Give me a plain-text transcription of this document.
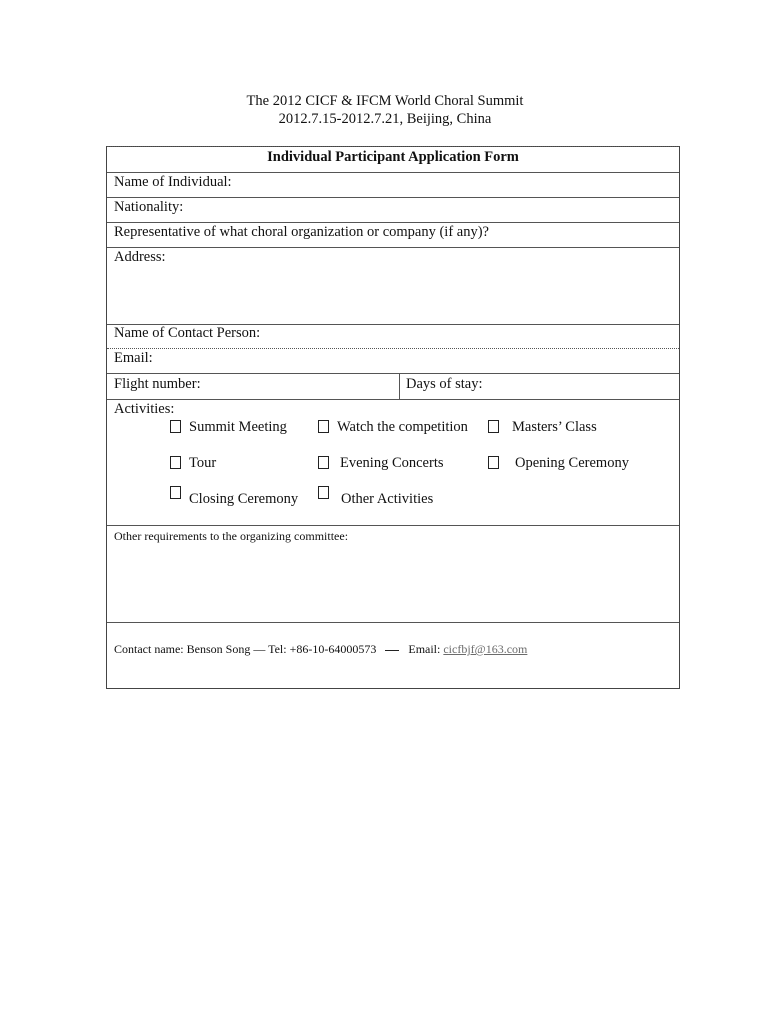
The 2012 CICF & IFCM World Choral Summit
2012.7.15-2012.7.21, Beijing, China
Individual Participant Application Form
Name of Individual:
Nationality:
Representative of what choral organization or company (if any)?
Address:
Name of Contact Person:
Email:
Flight number:	Days of stay:
Activities:
Summit Meeting	Watch the competition	Masters’ Class
Tour	Evening Concerts	Opening Ceremony
Closing Ceremony	Other Activities
Other requirements to the organizing committee:
Contact name: Benson Song — Tel: +86-10-64000573	Email: cicfbjf@163.com
